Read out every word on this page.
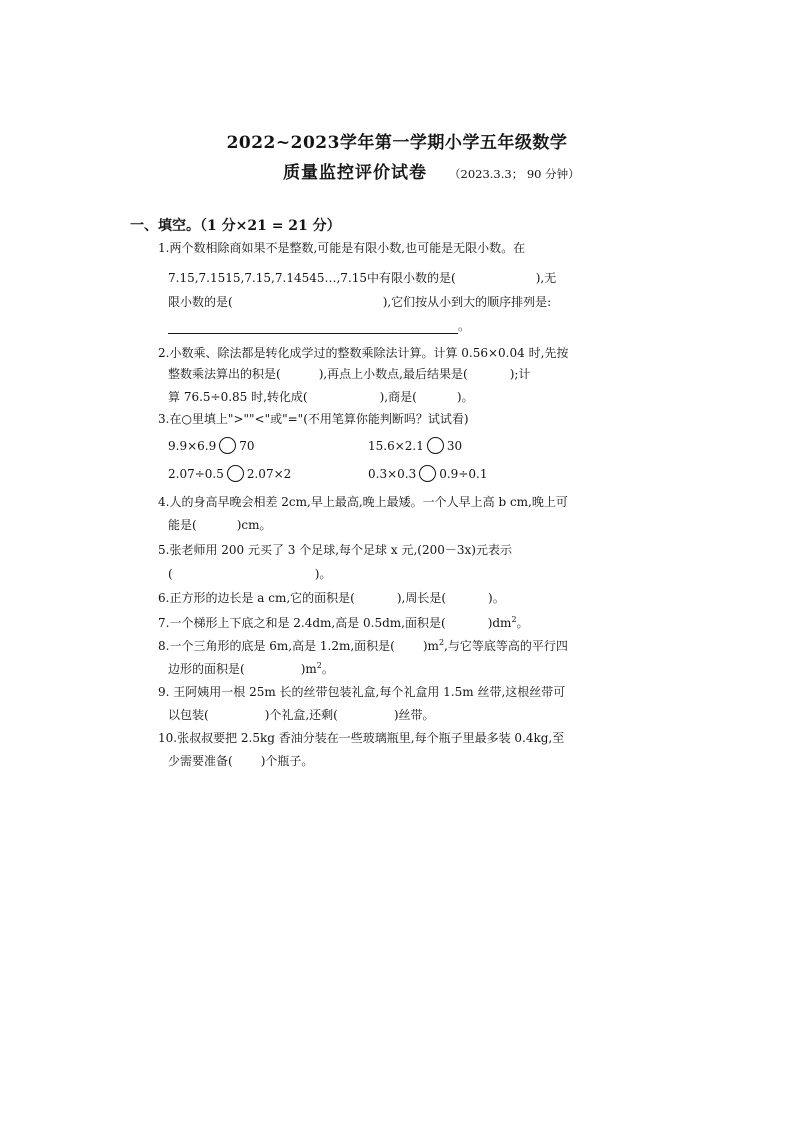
2022~2023学年第一学期小学五年级数学
质量监控评价试卷 （2023.3.3； 90 分钟）
一、填空。（1 分×21 = 21 分）
1.两个数相除商如果不是整数,可能是有限小数,也可能是无限小数。在
7.15,7.1515,7.15̇,7.14545…,7.15中有限小数的是(	),无
限小数的是(	),它们按从小到大的顺序排列是:
。
2.小数乘、除法都是转化成学过的整数乘除法计算。计算 0.56×0.04 时,先按
整数乘法算出的积是(	),再点上小数点,最后结果是(	);计
算 76.5÷0.85 时,转化成(	),商是(	)。
3.在○里填上">""<"或"="(不用笔算你能判断吗？试试看)
9.9×6.9 70	15.6×2.1 30
2.07÷0.5 2.07×2	0.3×0.3 0.9÷0.1
4.人的身高早晚会相差 2cm,早上最高,晚上最矮。一个人早上高 b cm,晚上可
能是(	)cm。
5.张老师用 200 元买了 3 个足球,每个足球 x 元,(200－3x)元表示
(	)。
6.正方形的边长是 a cm,它的面积是(	),周长是(	)。
7.一个梯形上下底之和是 2.4dm,高是 0.5dm,面积是(	)$dm^2$。
8.一个三角形的底是 6m,高是 1.2m,面积是( )$m^2$,与它等底等高的平行四
边形的面积是(	)$m^2$。
9. 王阿姨用一根 25m 长的丝带包装礼盒,每个礼盒用 1.5m 丝带,这根丝带可
以包装(	)个礼盒,还剩(	)丝带。
10.张叔叔要把 2.5kg 香油分装在一些玻璃瓶里,每个瓶子里最多装 0.4kg,至
少需要准备( )个瓶子。
